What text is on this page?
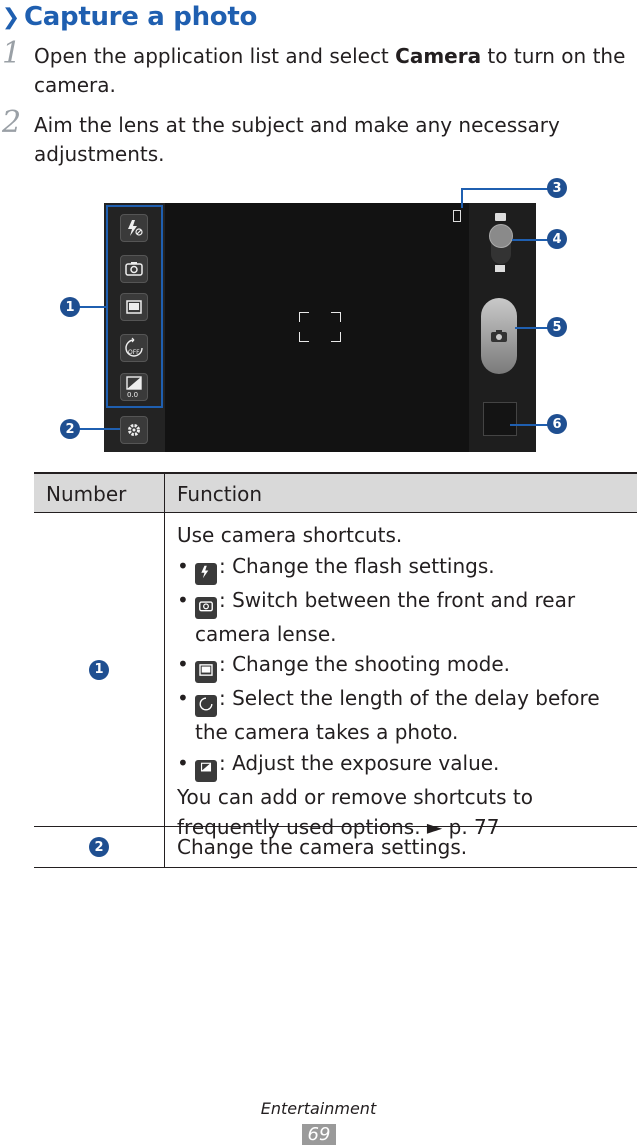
❯ Capture a photo
1 Open the application list and select Camera to turn on the camera.
2 Aim the lens at the subject and make any necessary adjustments.
OFF
0.0
1
2
3
4
5
6
Number	Function
1
Use camera shortcuts.
• : Change the flash settings.
• : Switch between the front and rear camera lense.
• : Change the shooting mode.
• : Select the length of the delay before the camera takes a photo.
• : Adjust the exposure value.
You can add or remove shortcuts to frequently used options. ► p. 77
2	Change the camera settings.
Entertainment
69
